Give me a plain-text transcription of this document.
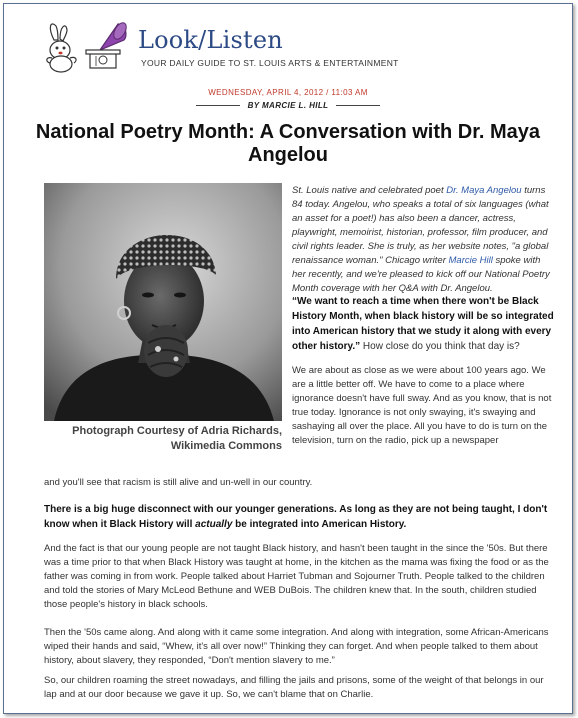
Look/Listen
YOUR DAILY GUIDE TO ST. LOUIS ARTS & ENTERTAINMENT
WEDNESDAY, APRIL 4, 2012 / 11:03 AM
BY MARCIE L. HILL
National Poetry Month: A Conversation with Dr. Maya Angelou
Photograph Courtesy of Adria Richards,
Wikimedia Commons

St. Louis native and celebrated poet Dr. Maya Angelou turns 84 today. Angelou, who speaks a total of six languages (what an asset for a poet!) has also been a dancer, actress, playwright, memoirist, historian, professor, film producer, and civil rights leader. She is truly, as her website notes, "a global renaissance woman." Chicago writer Marcie Hill spoke with her recently, and we're pleased to kick off our National Poetry Month coverage with her Q&A with Dr. Angelou.

“We want to reach a time when there won't be Black History Month, when black history will be so integrated into American history that we study it along with every other history.” How close do you think that day is?

We are about as close as we were about 100 years ago. We are a little better off. We have to come to a place where ignorance doesn't have full sway. And as you know, that is not true today. Ignorance is not only swaying, it's swaying and sashaying all over the place. All you have to do is turn on the television, turn on the radio, pick up a newspaper

and you'll see that racism is still alive and un-well in our country.

There is a big huge disconnect with our younger generations. As long as they are not being taught, I don't know when it Black History will actually be integrated into American History.

And the fact is that our young people are not taught Black history, and hasn't been taught in the since the '50s. But there was a time prior to that when Black History was taught at home, in the kitchen as the mama was fixing the food or as the father was coming in from work. People talked about Harriet Tubman and Sojourner Truth. People talked to the children and told the stories of Mary McLeod Bethune and WEB DuBois. The children knew that. In the south, children studied those people's history in black schools.

Then the '50s came along. And along with it came some integration. And along with integration, some African-Americans wiped their hands and said, “Whew, it's all over now!” Thinking they can forget. And when people talked to them about history, about slavery, they responded, “Don't mention slavery to me.”

So, our children roaming the street nowadays, and filling the jails and prisons, some of the weight of that belongs in our lap and at our door because we gave it up. So, we can't blame that on Charlie.
